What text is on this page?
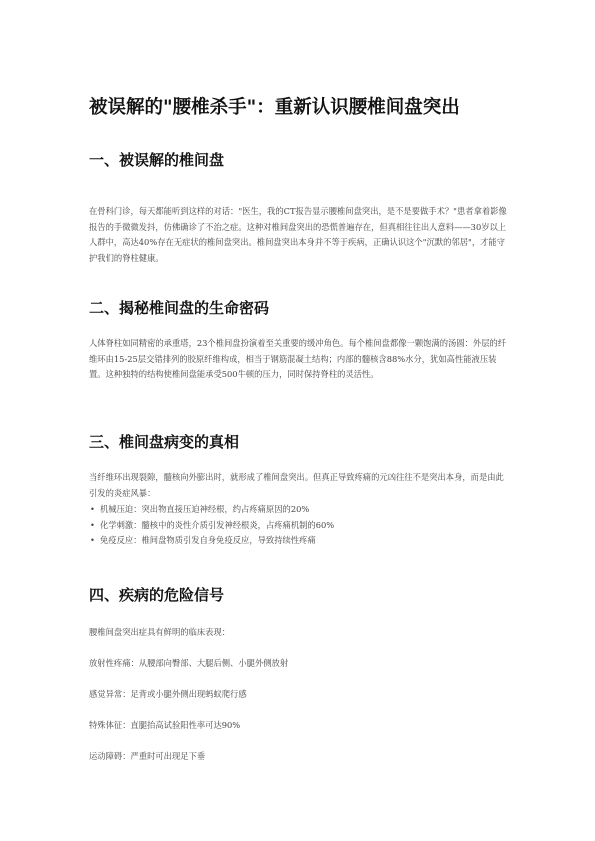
被误解的"腰椎杀手"：重新认识腰椎间盘突出
一、被误解的椎间盘
在骨科门诊，每天都能听到这样的对话："医生，我的CT报告显示腰椎间盘突出，是不是要做手术？"患者拿着影像报告的手微微发抖，仿佛确诊了不治之症。这种对椎间盘突出的恐慌普遍存在，但真相往往出人意料——30岁以上人群中，高达40%存在无症状的椎间盘突出。椎间盘突出本身并不等于疾病，正确认识这个"沉默的邻居"，才能守护我们的脊柱健康。
二、揭秘椎间盘的生命密码
人体脊柱如同精密的承重塔，23个椎间盘扮演着至关重要的缓冲角色。每个椎间盘都像一颗饱满的汤圆：外层的纤维环由15-25层交错排列的胶原纤维构成，相当于钢筋混凝土结构；内部的髓核含88%水分，犹如高性能液压装置。这种独特的结构使椎间盘能承受500牛顿的压力，同时保持脊柱的灵活性。
三、椎间盘病变的真相
当纤维环出现裂隙，髓核向外膨出时，就形成了椎间盘突出。但真正导致疼痛的元凶往往不是突出本身，而是由此引发的炎症风暴：
• 机械压迫：突出物直接压迫神经根，约占疼痛原因的20%
• 化学刺激：髓核中的炎性介质引发神经根炎，占疼痛机制的60%
• 免疫反应：椎间盘物质引发自身免疫反应，导致持续性疼痛
四、疾病的危险信号
腰椎间盘突出症具有鲜明的临床表现：
放射性疼痛：从腰部向臀部、大腿后侧、小腿外侧放射
感觉异常：足背或小腿外侧出现蚂蚁爬行感
特殊体征：直腿抬高试验阳性率可达90%
运动障碍：严重时可出现足下垂
